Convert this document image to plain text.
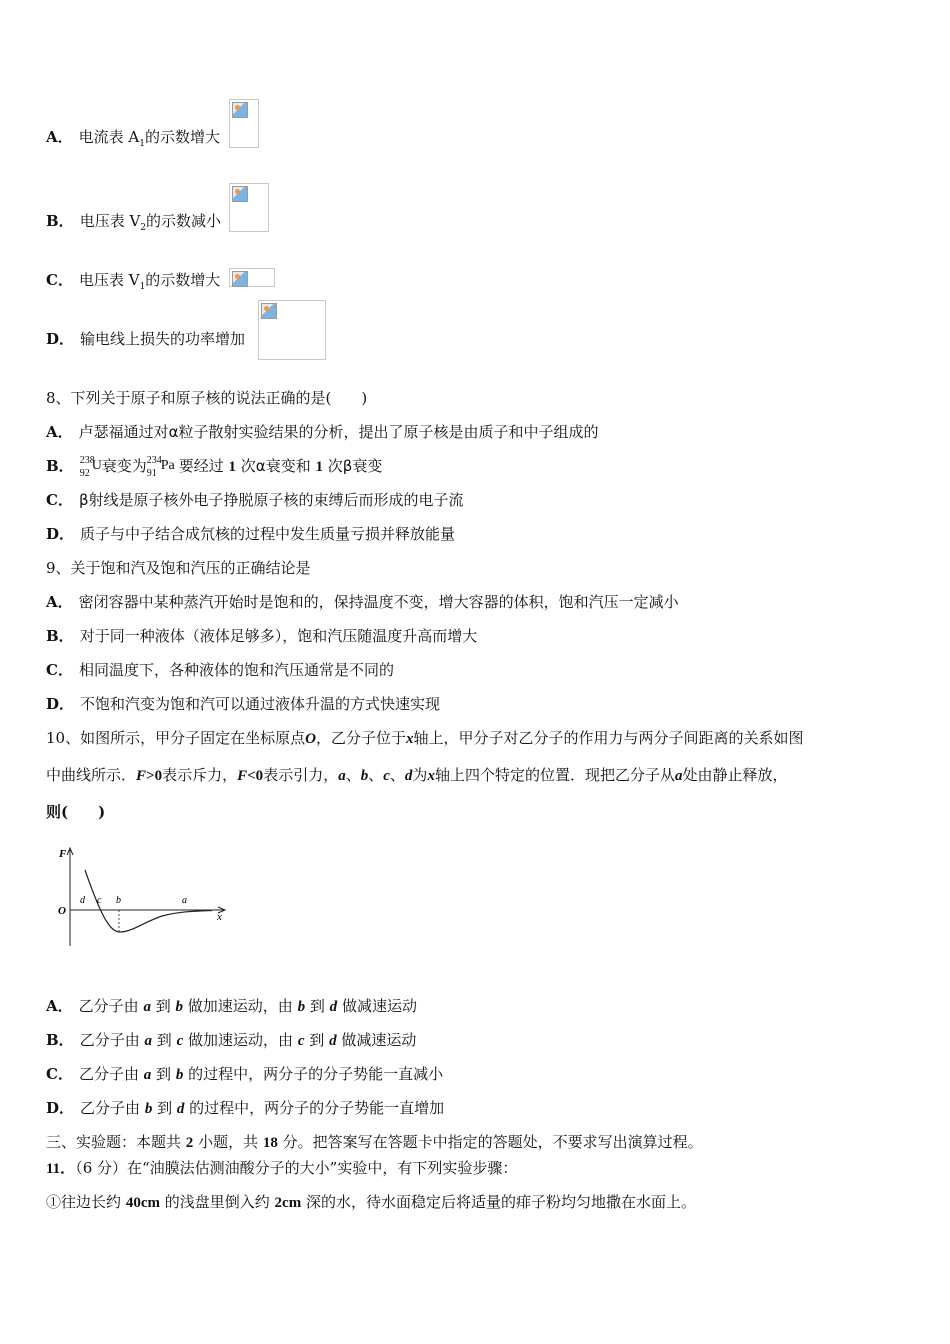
A． 电流表 $A_1$的示数增大
B． 电压表 $V_2$的示数减小
C． 电压表 $V_1$的示数增大
D． 输电线上损失的功率增加
8、下列关于原子和原子核的说法正确的是(　　)
A． 卢瑟福通过对α粒子散射实验结果的分析，提出了原子核是由质子和中子组成的
B． 238
92
U 衰变为 234
91
Pa 要经过 1 次α衰变和 1 次β衰变
C． β射线是原子核外电子挣脱原子核的束缚后而形成的电子流
D． 质子与中子结合成氘核的过程中发生质量亏损并释放能量
9、关于饱和汽及饱和汽压的正确结论是
A． 密闭容器中某种蒸汽开始时是饱和的，保持温度不变，增大容器的体积，饱和汽压一定减小
B． 对于同一种液体（液体足够多），饱和汽压随温度升高而增大
C． 相同温度下，各种液体的饱和汽压通常是不同的
D． 不饱和汽变为饱和汽可以通过液体升温的方式快速实现
10、如图所示，甲分子固定在坐标原点O，乙分子位于x轴上，甲分子对乙分子的作用力与两分子间距离的关系如图
中曲线所示．F>0表示斥力，F<0表示引力，a、b、c、d为x轴上四个特定的位置．现把乙分子从a处由静止释放，
则(　　)
F
O	x
d c b	a
A． 乙分子由 a 到 b 做加速运动，由 b 到 d 做减速运动
B． 乙分子由 a 到 c 做加速运动，由 c 到 d 做减速运动
C． 乙分子由 a 到 b 的过程中，两分子的分子势能一直减小
D． 乙分子由 b 到 d 的过程中，两分子的分子势能一直增加
三、实验题：本题共 2 小题，共 18 分。把答案写在答题卡中指定的答题处，不要求写出演算过程。
11．（6 分）在“油膜法估测油酸分子的大小”实验中，有下列实验步骤：
①往边长约 40cm 的浅盘里倒入约 2cm 深的水，待水面稳定后将适量的痱子粉均匀地撒在水面上。
